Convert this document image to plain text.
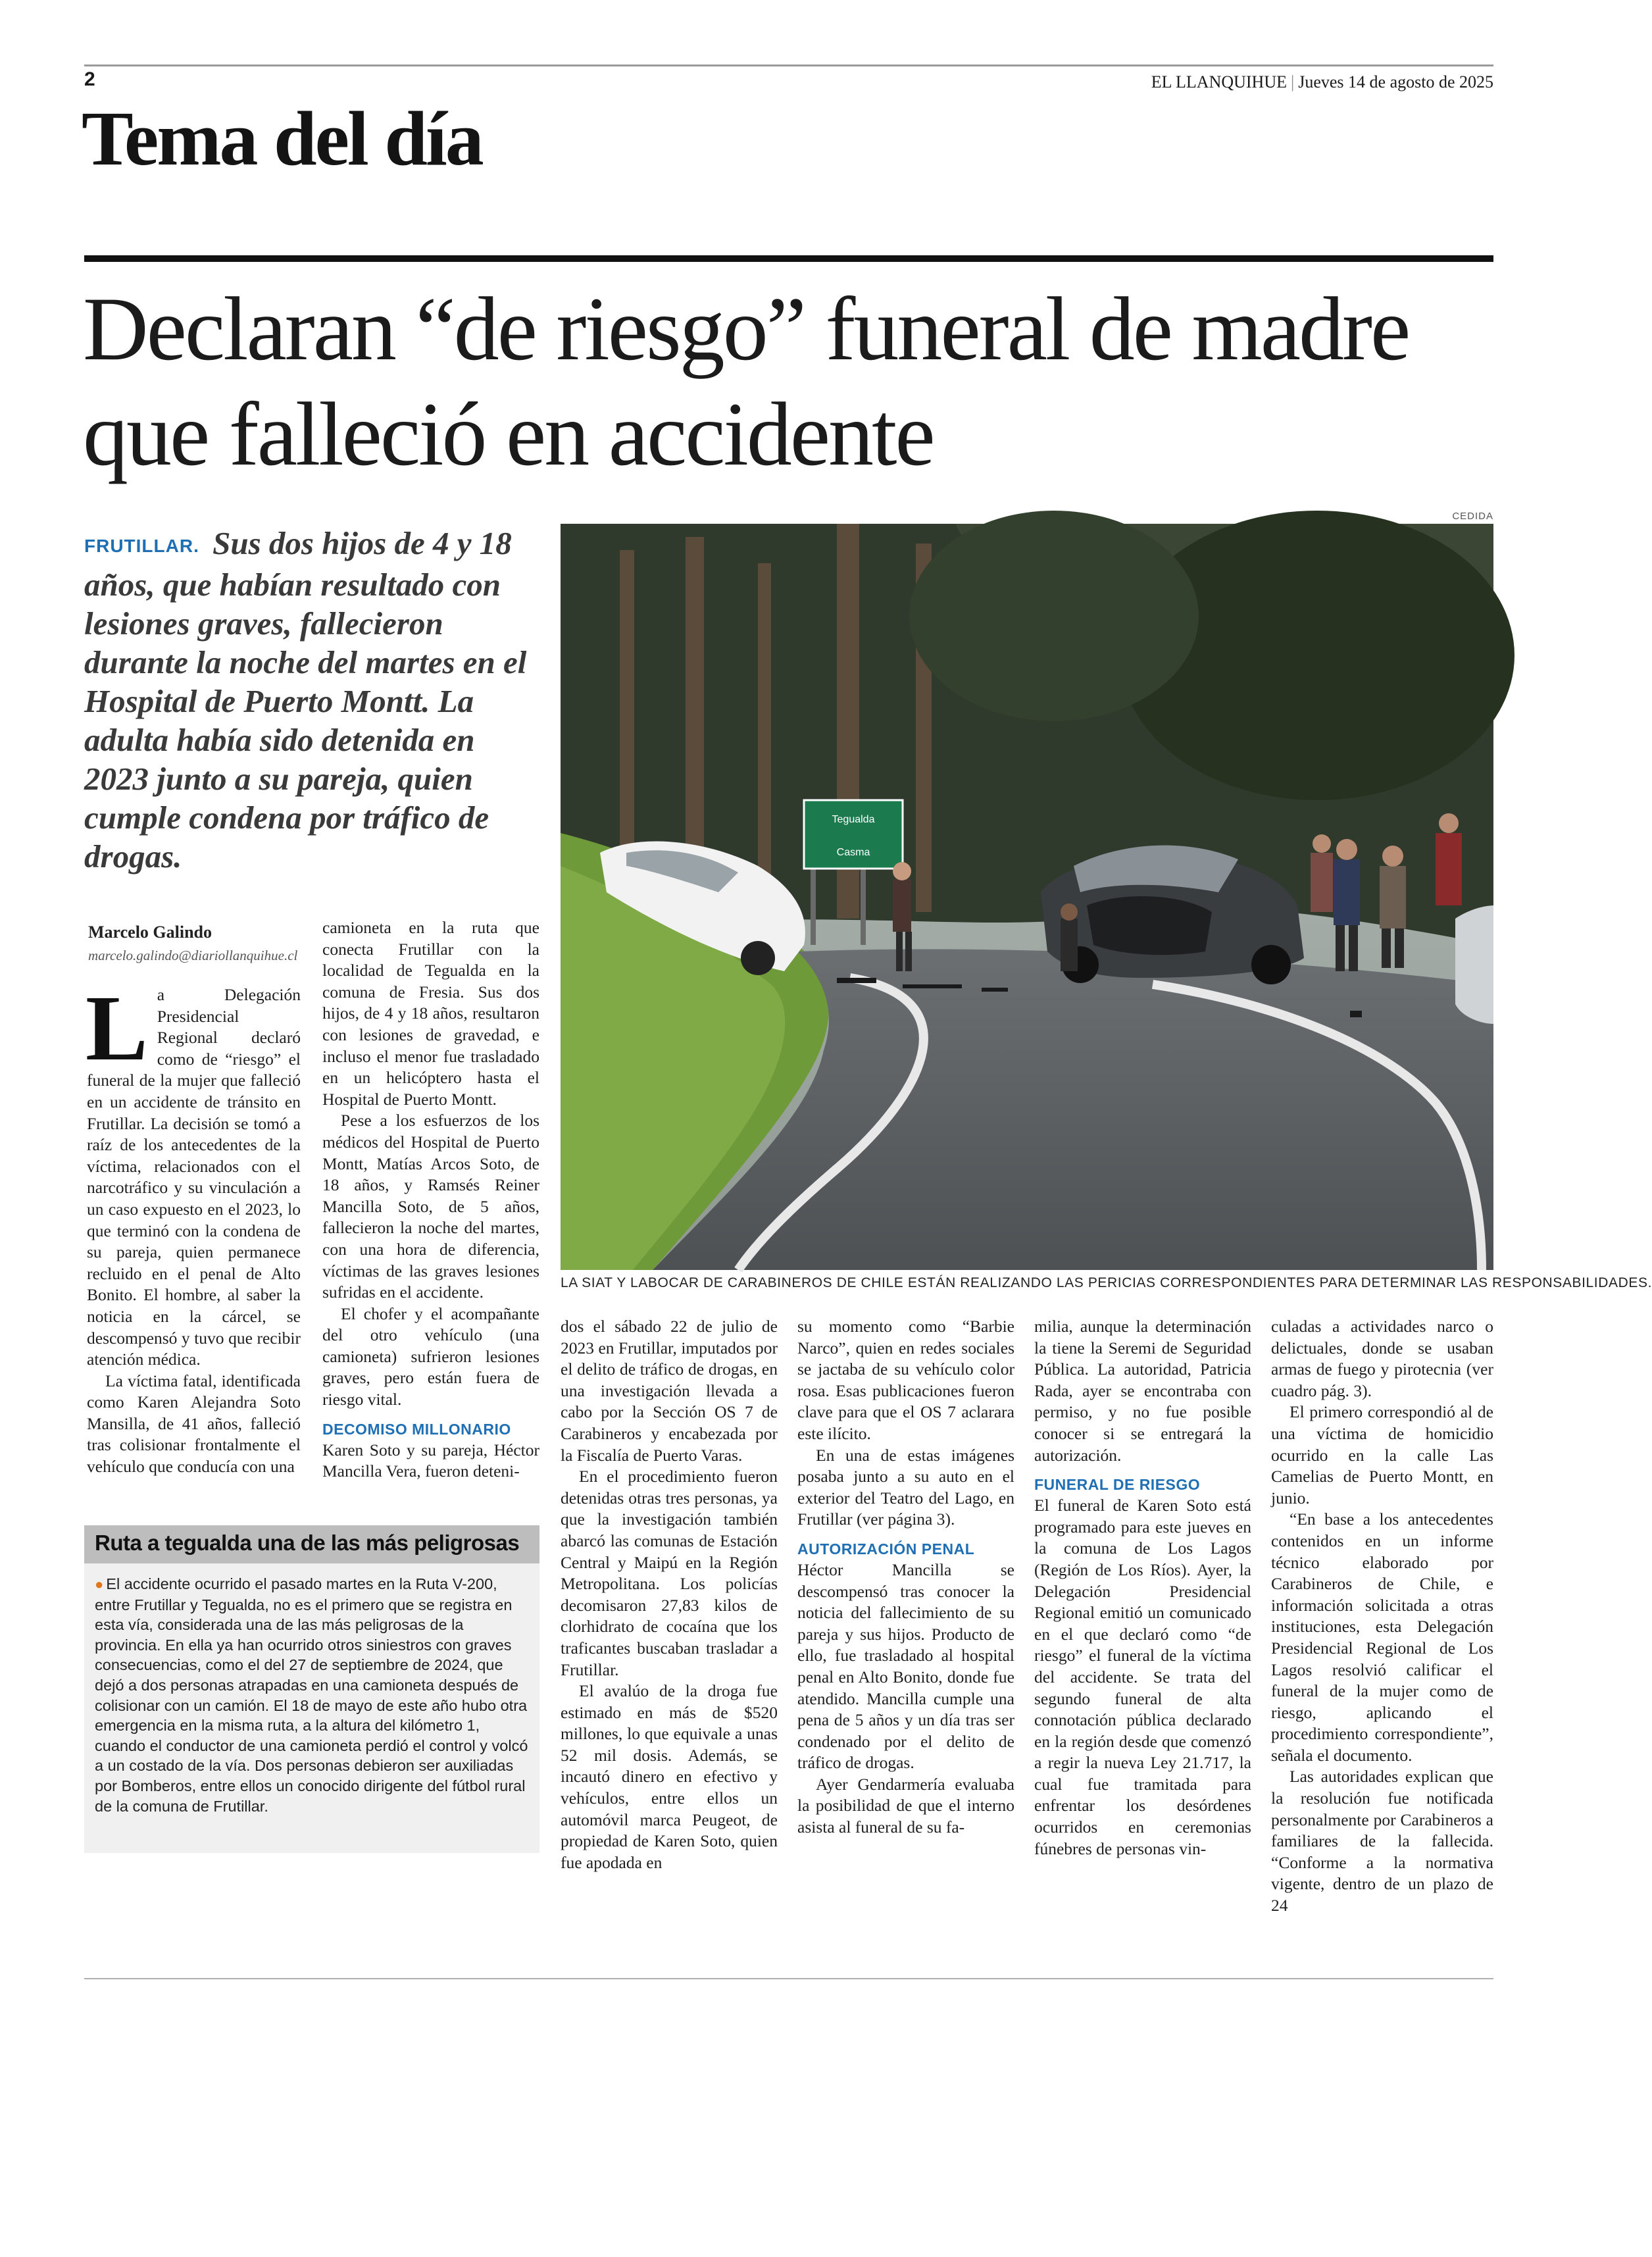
2	EL LLANQUIHUE | Jueves 14 de agosto de 2025
Tema del día
Declaran “de riesgo” funeral de madre que falleció en accidente
FRUTILLAR. Sus dos hijos de 4 y 18 años, que habían resultado con lesiones graves, fallecieron durante la noche del martes en el Hospital de Puerto Montt. La adulta había sido detenida en 2023 junto a su pareja, quien cumple condena por tráfico de drogas.
CEDIDA
Tegualda
Casma
LA SIAT Y LABOCAR DE CARABINEROS DE CHILE ESTÁN REALIZANDO LAS PERICIAS CORRESPONDIENTES PARA DETERMINAR LAS RESPONSABILIDADES.
Marcelo Galindo
marcelo.galindo@diariollanquihue.cl
L a Delegación Presidencial Regional declaró como de “riesgo” el funeral de la mujer que falleció en un accidente de tránsito en Frutillar. La decisión se tomó a raíz de los antecedentes de la víctima, relacionados con el narcotráfico y su vinculación a un caso expuesto en el 2023, lo que terminó con la condena de su pareja, quien permanece recluido en el penal de Alto Bonito. El hombre, al saber la noticia en la cárcel, se descompensó y tuvo que recibir atención médica.

La víctima fatal, identificada como Karen Alejandra Soto Mansilla, de 41 años, falleció tras colisionar frontalmente el vehículo que conducía con una

camioneta en la ruta que conecta Frutillar con la localidad de Tegualda en la comuna de Fresia. Sus dos hijos, de 4 y 18 años, resultaron con lesiones de gravedad, e incluso el menor fue trasladado en un helicóptero hasta el Hospital de Puerto Montt.

Pese a los esfuerzos de los médicos del Hospital de Puerto Montt, Matías Arcos Soto, de 18 años, y Ramsés Reiner Mancilla Soto, de 5 años, fallecieron la noche del martes, con una hora de diferencia, víctimas de las graves lesiones sufridas en el accidente.

El chofer y el acompañante del otro vehículo (una camioneta) sufrieron lesiones graves, pero están fuera de riesgo vital.

DECOMISO MILLONARIO

Karen Soto y su pareja, Héctor Mancilla Vera, fueron deteni-

dos el sábado 22 de julio de 2023 en Frutillar, imputados por el delito de tráfico de drogas, en una investigación llevada a cabo por la Sección OS 7 de Carabineros y encabezada por la Fiscalía de Puerto Varas.

En el procedimiento fueron detenidas otras tres personas, ya que la investigación también abarcó las comunas de Estación Central y Maipú en la Región Metropolitana. Los policías decomisaron 27,83 kilos de clorhidrato de cocaína que los traficantes buscaban trasladar a Frutillar.

El avalúo de la droga fue estimado en más de $520 millones, lo que equivale a unas 52 mil dosis. Además, se incautó dinero en efectivo y vehículos, entre ellos un automóvil marca Peugeot, de propiedad de Karen Soto, quien fue apodada en

su momento como “Barbie Narco”, quien en redes sociales se jactaba de su vehículo color rosa. Esas publicaciones fueron clave para que el OS 7 aclarara este ilícito.

En una de estas imágenes posaba junto a su auto en el exterior del Teatro del Lago, en Frutillar (ver página 3).

AUTORIZACIÓN PENAL

Héctor Mancilla se descompensó tras conocer la noticia del fallecimiento de su pareja y sus hijos. Producto de ello, fue trasladado al hospital penal en Alto Bonito, donde fue atendido. Mancilla cumple una pena de 5 años y un día tras ser condenado por el delito de tráfico de drogas.

Ayer Gendarmería evaluaba la posibilidad de que el interno asista al funeral de su fa-

milia, aunque la determinación la tiene la Seremi de Seguridad Pública. La autoridad, Patricia Rada, ayer se encontraba con permiso, y no fue posible conocer si se entregará la autorización.

FUNERAL DE RIESGO

El funeral de Karen Soto está programado para este jueves en la comuna de Los Lagos (Región de Los Ríos). Ayer, la Delegación Presidencial Regional emitió un comunicado en el que declaró como “de riesgo” el funeral de la víctima del accidente. Se trata del segundo funeral de alta connotación pública declarado en la región desde que comenzó a regir la nueva Ley 21.717, la cual fue tramitada para enfrentar los desórdenes ocurridos en ceremonias fúnebres de personas vin-

culadas a actividades narco o delictuales, donde se usaban armas de fuego y pirotecnia (ver cuadro pág. 3).

El primero correspondió al de una víctima de homicidio ocurrido en la calle Las Camelias de Puerto Montt, en junio.

“En base a los antecedentes contenidos en un informe técnico elaborado por Carabineros de Chile, e información solicitada a otras instituciones, esta Delegación Presidencial Regional de Los Lagos resolvió calificar el funeral de la mujer como de riesgo, aplicando el procedimiento correspondiente”, señala el documento.

Las autoridades explican que la resolución fue notificada personalmente por Carabineros a familiares de la fallecida. “Conforme a la normativa vigente, dentro de un plazo de 24

Ruta a tegualda una de las más peligrosas
● El accidente ocurrido el pasado martes en la Ruta V-200, entre Frutillar y Tegualda, no es el primero que se registra en esta vía, considerada una de las más peligrosas de la provincia. En ella ya han ocurrido otros siniestros con graves consecuencias, como el del 27 de septiembre de 2024, que dejó a dos personas atrapadas en una camioneta después de colisionar con un camión. El 18 de mayo de este año hubo otra emergencia en la misma ruta, a la altura del kilómetro 1, cuando el conductor de una camioneta perdió el control y volcó a un costado de la vía. Dos personas debieron ser auxiliadas por Bomberos, entre ellos un conocido dirigente del fútbol rural de la comuna de Frutillar.
